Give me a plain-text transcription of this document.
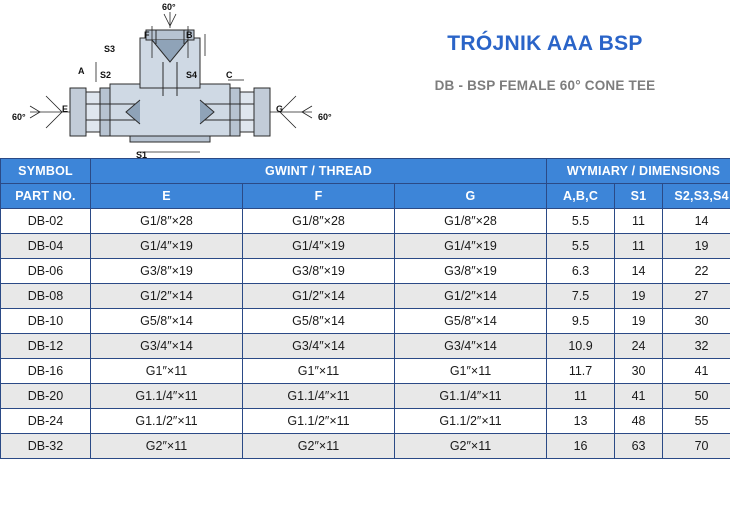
60°
60°	60°
S3
S2	S4
S1
A
B
C
E
F
G
TRÓJNIK AAA BSP
DB - BSP FEMALE 60° CONE TEE
SYMBOL	GWINT / THREAD			WYMIARY / DIMENSIONS		
PART NO.	E	F	G	A,B,C	S1	S2,S3,S4
DB-02	G1/8″×28	G1/8″×28	G1/8″×28	5.5	11	14
DB-04	G1/4″×19	G1/4″×19	G1/4″×19	5.5	11	19
DB-06	G3/8″×19	G3/8″×19	G3/8″×19	6.3	14	22
DB-08	G1/2″×14	G1/2″×14	G1/2″×14	7.5	19	27
DB-10	G5/8″×14	G5/8″×14	G5/8″×14	9.5	19	30
DB-12	G3/4″×14	G3/4″×14	G3/4″×14	10.9	24	32
DB-16	G1″×11	G1″×11	G1″×11	11.7	30	41
DB-20	G1.1/4″×11	G1.1/4″×11	G1.1/4″×11	11	41	50
DB-24	G1.1/2″×11	G1.1/2″×11	G1.1/2″×11	13	48	55
DB-32	G2″×11	G2″×11	G2″×11	16	63	70
